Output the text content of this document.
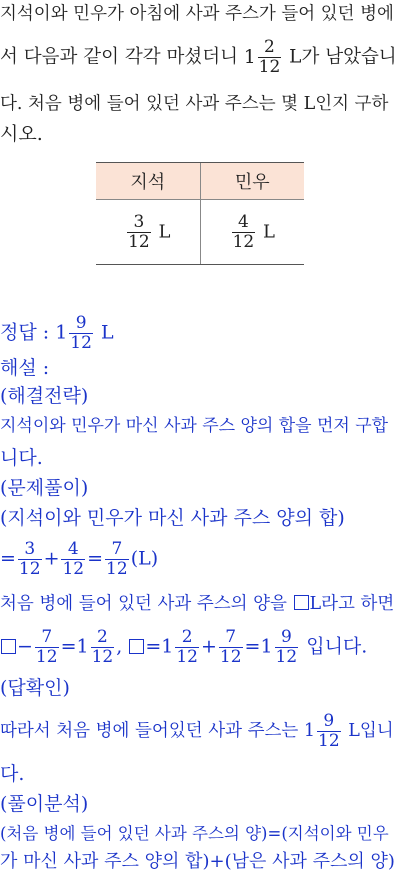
지석이와 민우가 아침에 사과 주스가 들어 있던 병에
서 다음과 같이 각각 마셨더니 $1 \frac{2}{12}$ L가 남았습니
다. 처음 병에 들어 있던 사과 주스는 몇 L인지 구하
시오.
지석	민우

$\frac{3}{12}$ L	$\frac{4}{12}$ L
정답 : $1 \frac{9}{12}$ L
해설 :
(해결전략)
지석이와 민우가 마신 사과 주스 양의 합을 먼저 구합
니다.
(문제풀이)
(지석이와 민우가 마신 사과 주스 양의 합)
= $\frac{3}{12} + \frac{4}{12} = \frac{7}{12} (L)$
처음 병에 들어 있던 사과 주스의 양을 L라고 하면
− $\frac{7}{12} =1 \frac{2}{12}$ , $=1 \frac{2}{12} + \frac{7}{12} =1 \frac{9}{12}$ 입니다.
(답확인)
따라서 처음 병에 들어있던 사과 주스는 $1 \frac{9}{12}$ L입니
다.
(풀이분석)
(처음 병에 들어 있던 사과 주스의 양)=(지석이와 민우
가 마신 사과 주스 양의 합)+(남은 사과 주스의 양)
